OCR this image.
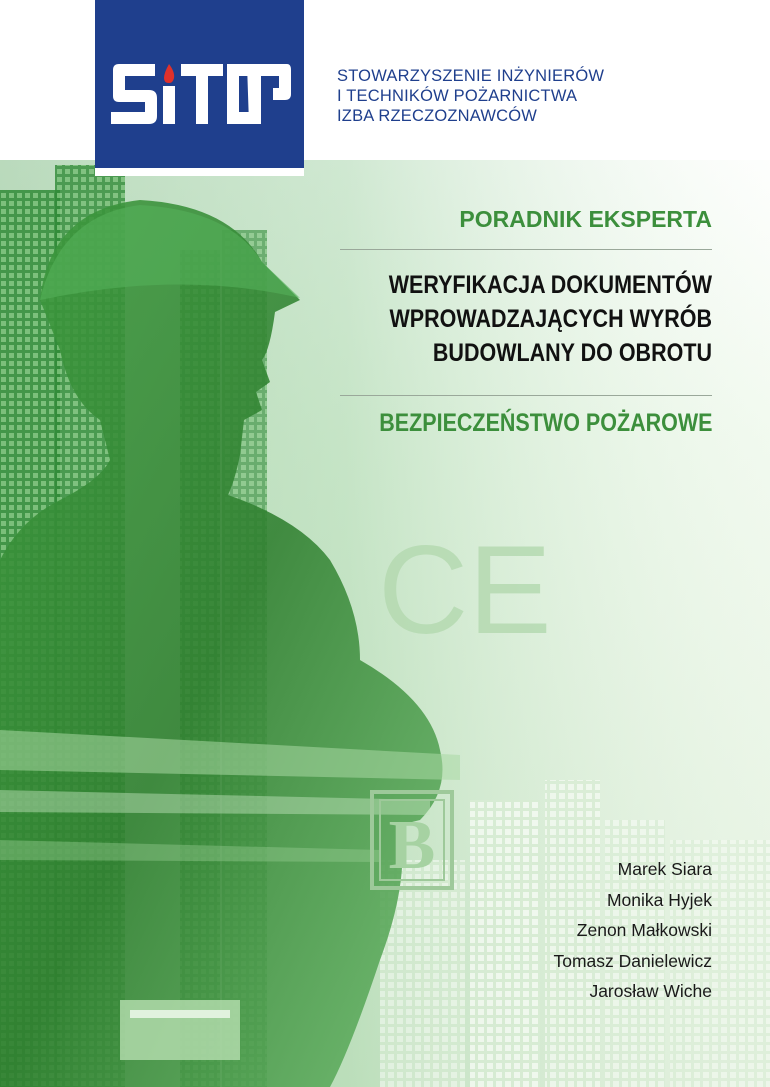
CE
B
STOWARZYSZENIE INŻYNIERÓW
I TECHNIKÓW POŻARNICTWA
IZBA RZECZOZNAWCÓW
PORADNIK EKSPERTA
WERYFIKACJA DOKUMENTÓW
WPROWADZAJĄCYCH WYRÓB
BUDOWLANY DO OBROTU
BEZPIECZEŃSTWO POŻAROWE
Marek Siara
Monika Hyjek
Zenon Małkowski
Tomasz Danielewicz
Jarosław Wiche
